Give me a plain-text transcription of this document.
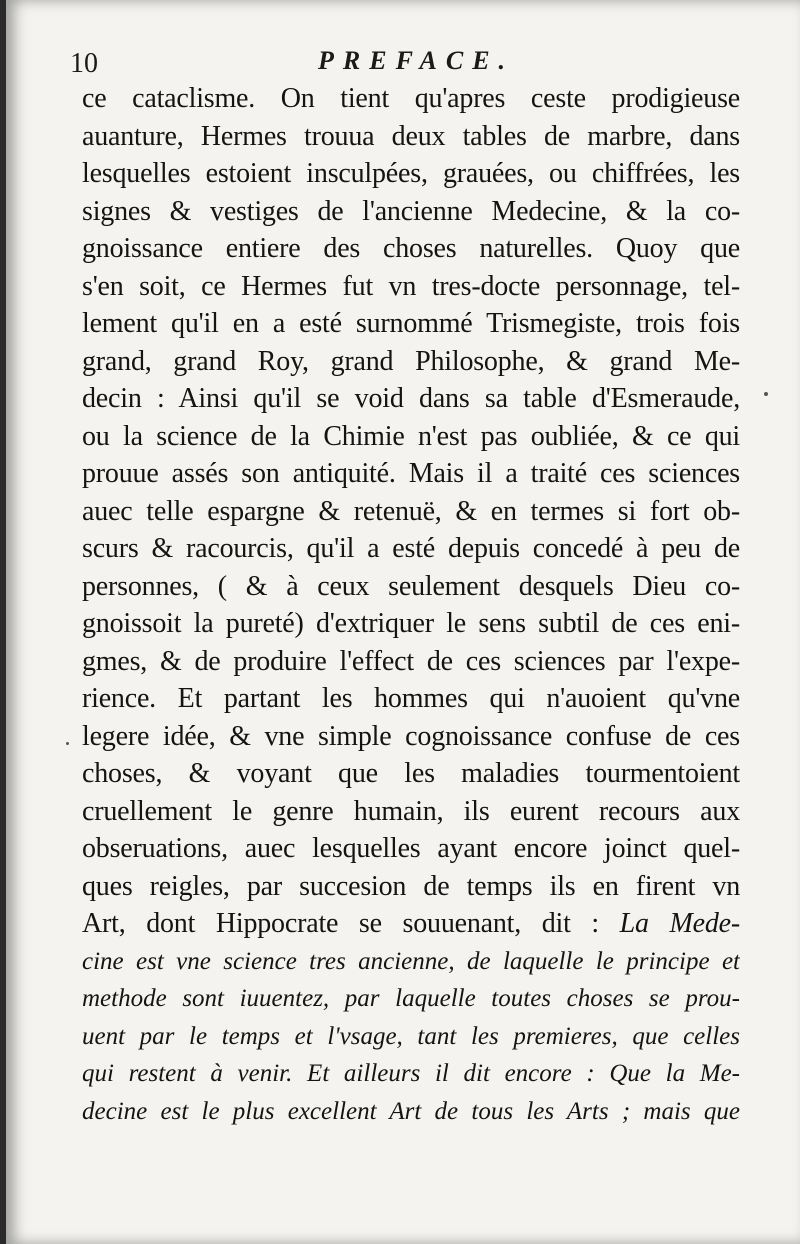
10	PREFACE.
ce cataclisme. On tient qu'apres ceste prodigieuse
auanture, Hermes trouua deux tables de marbre, dans
lesquelles estoient insculpées, grauées, ou chiffrées, les
signes & vestiges de l'ancienne Medecine, & la co-
gnoissance entiere des choses naturelles. Quoy que
s'en soit, ce Hermes fut vn tres-docte personnage, tel-
lement qu'il en a esté surnommé Trismegiste, trois fois
grand, grand Roy, grand Philosophe, & grand Me-
decin : Ainsi qu'il se void dans sa table d'Esmeraude,
ou la science de la Chimie n'est pas oubliée, & ce qui
prouue assés son antiquité. Mais il a traité ces sciences
auec telle espargne & retenuë, & en termes si fort ob-
scurs & racourcis, qu'il a esté depuis concedé à peu de
personnes, ( & à ceux seulement desquels Dieu co-
gnoissoit la pureté) d'extriquer le sens subtil de ces eni-
gmes, & de produire l'effect de ces sciences par l'expe-
rience. Et partant les hommes qui n'auoient qu'vne
legere idée, & vne simple cognoissance confuse de ces
choses, & voyant que les maladies tourmentoient
cruellement le genre humain, ils eurent recours aux
obseruations, auec lesquelles ayant encore joinct quel-
ques reigles, par succesion de temps ils en firent vn
Art, dont Hippocrate se souuenant, dit : La Mede-
cine est vne science tres ancienne, de laquelle le principe et
methode sont iuuentez, par laquelle toutes choses se prou-
uent par le temps et l'vsage, tant les premieres, que celles
qui restent à venir. Et ailleurs il dit encore : Que la Me-
decine est le plus excellent Art de tous les Arts ; mais que
